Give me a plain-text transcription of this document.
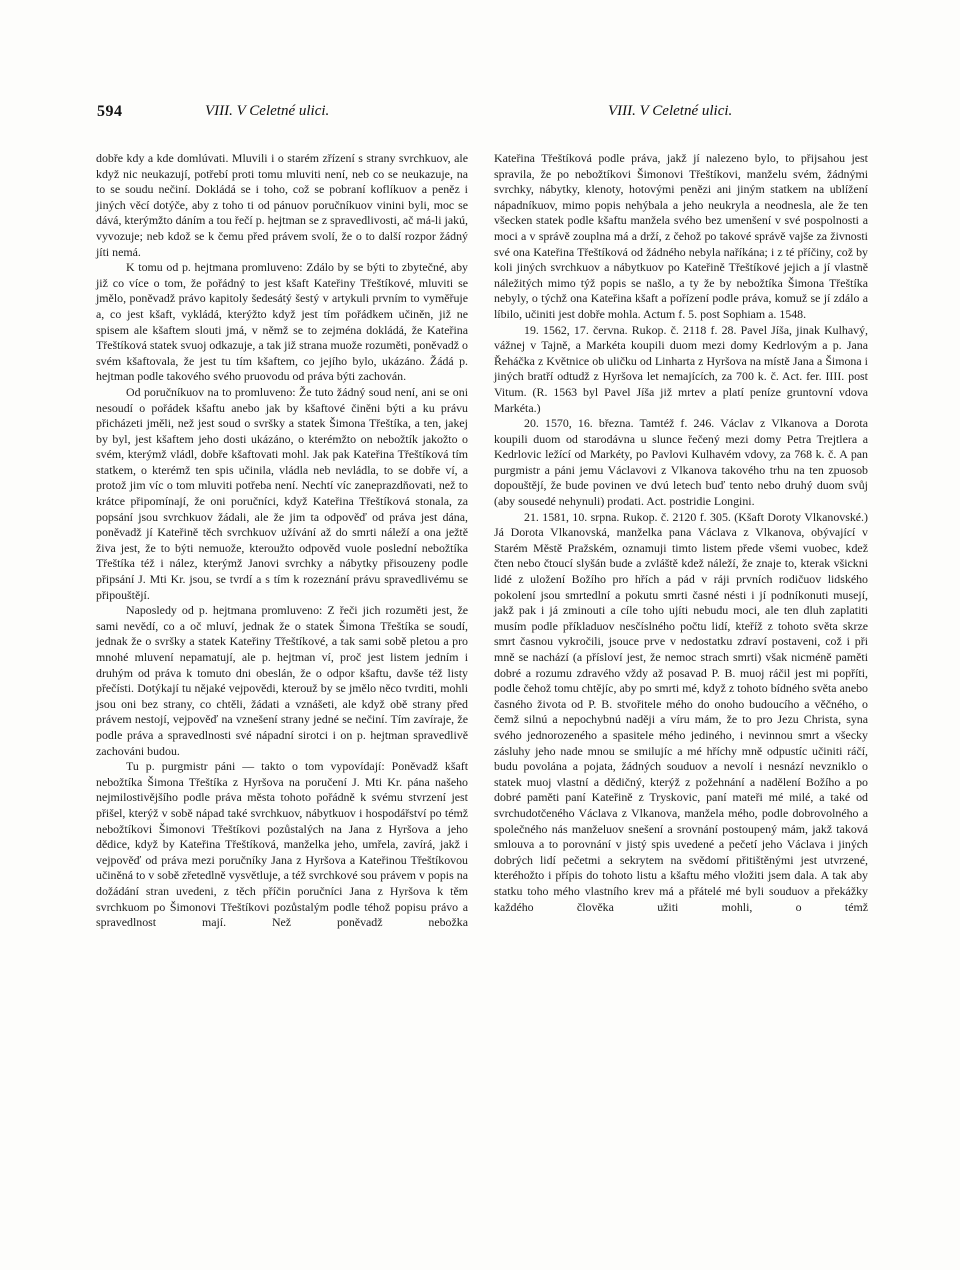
594	VIII. V Celetné ulici.	VIII. V Celetné ulici.

dobře kdy a kde domlúvati. Mluvili i o starém zřízení s strany svrchkuov, ale když nic neukazují, potřebí proti tomu mluviti není, neb co se neukazuje, na to se soudu nečiní. Dokládá se i toho, což se pobraní koflíkuov a peněz i jiných věcí dotýče, aby z toho ti od pánuov poručníkuov vinini byli, moc se dává, kterýmžto dáním a tou řečí p. hejtman se z spravedlivosti, ač má-li jakú, vyvozuje; neb kdož se k čemu před právem svolí, že o to další rozpor žádný jíti nemá.

K tomu od p. hejtmana promluveno: Zdálo by se býti to zbytečné, aby již co více o tom, že pořádný to jest kšaft Kateřiny Třeštíkové, mluviti se jmělo, poněvadž právo kapitoly šedesátý šestý v artykuli prvním to vyměřuje a, co jest kšaft, vykládá, kterýžto když jest tím pořádkem učiněn, již ne spisem ale kšaftem slouti jmá, v němž se to zejména dokládá, že Kateřina Třeštíková statek svuoj odkazuje, a tak již strana muože rozuměti, poněvadž o svém kšaftovala, že jest tu tím kšaftem, co jejího bylo, ukázáno. Žádá p. hejtman podle takového svého pruovodu od práva býti zachován.

Od poručníkuov na to promluveno: Že tuto žádný soud není, ani se oni nesoudí o pořádek kšaftu anebo jak by kšaftové činěni býti a ku právu přicházeti jměli, než jest soud o svršky a statek Šimona Třeštíka, a ten, jakej by byl, jest kšaftem jeho dosti ukázáno, o kterémžto on nebožtík jakožto o svém, kterýmž vládl, dobře kšaftovati mohl. Jak pak Kateřina Třeštíková tím statkem, o kterémž ten spis učinila, vládla neb nevládla, to se dobře ví, a protož jim víc o tom mluviti potřeba není. Nechtí víc zaneprazdňovati, než to krátce připomínají, že oni poručníci, když Kateřina Třeštíková stonala, za popsání jsou svrchkuov žádali, ale že jim ta odpověď od práva jest dána, poněvadž jí Kateřině těch svrchkuov užívání až do smrti náleží a ona ježtě živa jest, že to býti nemuože, kteroužto odpověd vuole poslední nebožtíka Třeštíka též i nález, kterýmž Janovi svrchky a nábytky přisouzeny podle připsání J. Mti Kr. jsou, se tvrdí a s tím k rozeznání právu spravedlivému se připouštějí.

Naposledy od p. hejtmana promluveno: Z řeči jich rozuměti jest, že sami nevědí, co a oč mluví, jednak že o statek Šimona Třeštíka se soudí, jednak že o svršky a statek Kateřiny Třeštíkové, a tak sami sobě pletou a pro mnohé mluvení nepamatují, ale p. hejtman ví, proč jest listem jedním i druhým od práva k tomuto dni obeslán, že o odpor kšaftu, davše též listy přečísti. Dotýkají tu nějaké vejpovědi, kterouž by se jmělo něco tvrditi, mohli jsou oni bez strany, co chtěli, žádati a vznášeti, ale když obě strany před právem nestojí, vejpověď na vznešení strany jedné se nečiní. Tím zavíraje, že podle práva a spravedlnosti své nápadní sirotci i on p. hejtman spravedlivě zachováni budou.

Tu p. purgmistr páni — takto o tom vypovídají: Poněvadž kšaft nebožtíka Šimona Třeštíka z Hyršova na poručení J. Mti Kr. pána našeho nejmilostivějšího podle práva města tohoto pořádně k svému stvrzení jest přišel, kterýž v sobě nápad také svrchkuov, nábytkuov i hospodářství po témž nebožtíkovi Šimonovi Třeštíkovi pozůstalých na Jana z Hyršova a jeho dědice, když by Kateřina Třeštíková, manželka jeho, umřela, zavírá, jakž i vejpověď od práva mezi poručníky Jana z Hyršova a Kateřinou Třeštíkovou učiněná to v sobě zřetedlně vysvětluje, a též svrchkové sou právem v popis na dožádání stran uvedeni, z těch příčin poručníci Jana z Hyršova k těm svrchkuom po Šimonovi Třeštíkovi pozůstalým podle téhož popisu právo a spravedlnost mají. Než poněvadž nebožka

Kateřina Třeštíková podle práva, jakž jí nalezeno bylo, to přijsahou jest spravila, že po nebožtíkovi Šimonovi Třeštíkovi, manželu svém, žádnými svrchky, nábytky, klenoty, hotovými penězi ani jiným statkem na ublížení nápadníkuov, mimo popis nehýbala a jeho neukryla a neodnesla, ale že ten všecken statek podle kšaftu manžela svého bez umenšení v své pospolnosti a moci a v správě zouplna má a drží, z čehož po takové správě vajše za živnosti své ona Kateřina Třeštíková od žádného nebyla naříkána; i z té příčiny, což by koli jiných svrchkuov a nábytkuov po Kateřině Třeštíkové jejich a jí vlastně náležitých mimo týž popis se našlo, a ty že by nebožtíka Šimona Třeštíka nebyly, o týchž ona Kateřina kšaft a pořízení podle práva, komuž se jí zdálo a líbilo, učiniti jest dobře mohla. Actum f. 5. post Sophiam a. 1548.

19. 1562, 17. června. Rukop. č. 2118 f. 28. Pavel Jíša, jinak Kulhavý, vážnej v Tajně, a Markéta koupili duom mezi domy Kedrlovým a p. Jana Řeháčka z Květnice ob uličku od Linharta z Hyršova na místě Jana a Šimona i jiných bratří odtudž z Hyršova let nemajících, za 700 k. č. Act. fer. IIII. post Vitum. (R. 1563 byl Pavel Jíša již mrtev a platí peníze gruntovní vdova Markéta.)

20. 1570, 16. března. Tamtéž f. 246. Václav z Vlkanova a Dorota koupili duom od starodávna u slunce řečený mezi domy Petra Trejtlera a Kedrlovic ležící od Markéty, po Pavlovi Kulhavém vdovy, za 768 k. č. A pan purgmistr a páni jemu Václavovi z Vlkanova takového trhu na ten zpuosob dopouštějí, že bude povinen ve dvú letech buď tento nebo druhý duom svůj (aby sousedé nehynuli) prodati. Act. postridie Longini.

21. 1581, 10. srpna. Rukop. č. 2120 f. 305. (Kšaft Doroty Vlkanovské.) Já Dorota Vlkanovská, manželka pana Václava z Vlkanova, obývající v Starém Městě Pražském, oznamuji timto listem přede všemi vuobec, kdež čten nebo čtoucí slyšán bude a zvláště kdež náleží, že znaje to, kterak všickni lidé z uložení Božího pro hřích a pád v ráji prvních rodičuov lidského pokolení jsou smrtedlní a pokutu smrti časné nésti i jí podníkonuti musejí, jakž pak i já zminouti a cíle toho ujíti nebudu moci, ale ten dluh zaplatiti musím podle příkladuov nesčíslného počtu lidí, kteříž z tohoto světa skrze smrt časnou vykročili, jsouce prve v nedostatku zdraví postaveni, což i při mně se nachází (a přísloví jest, že nemoc strach smrti) však nicméně paměti dobré a rozumu zdravého vždy až posavad P. B. muoj ráčil jest mi popříti, podle čehož tomu chtějíc, aby po smrti mé, když z tohoto bídného světa anebo časného života od P. B. stvořitele mého do onoho budoucího a věčného, o čemž silnú a nepochybnú naději a víru mám, že to pro Jezu Christa, syna svého jednorozeného a spasitele mého jediného, i nevinnou smrt a všecky zásluhy jeho nade mnou se smilujíc a mé hříchy mně odpustíc učiniti ráčí, budu povolána a pojata, žádných souduov a nevolí i nesnází nevzniklo o statek muoj vlastní a dědičný, kterýž z požehnání a nadělení Božího a po dobré paměti paní Kateřině z Tryskovic, paní mateři mé milé, a také od svrchudotčeného Václava z Vlkanova, manžela mého, podle dobrovolného a společného nás manželuov snešení a srovnání postoupený mám, jakž taková smlouva a to porovnání v jistý spis uvedené a pečetí jeho Václava i jiných dobrých lidí pečetmi a sekrytem na svědomí přitištěnými jest utvrzené, kteréhožto i přípis do tohoto listu a kšaftu mého vložiti jsem dala. A tak aby statku toho mého vlastního krev má a přátelé mé byli souduov a překážky každého člověka užiti mohli, o témž
